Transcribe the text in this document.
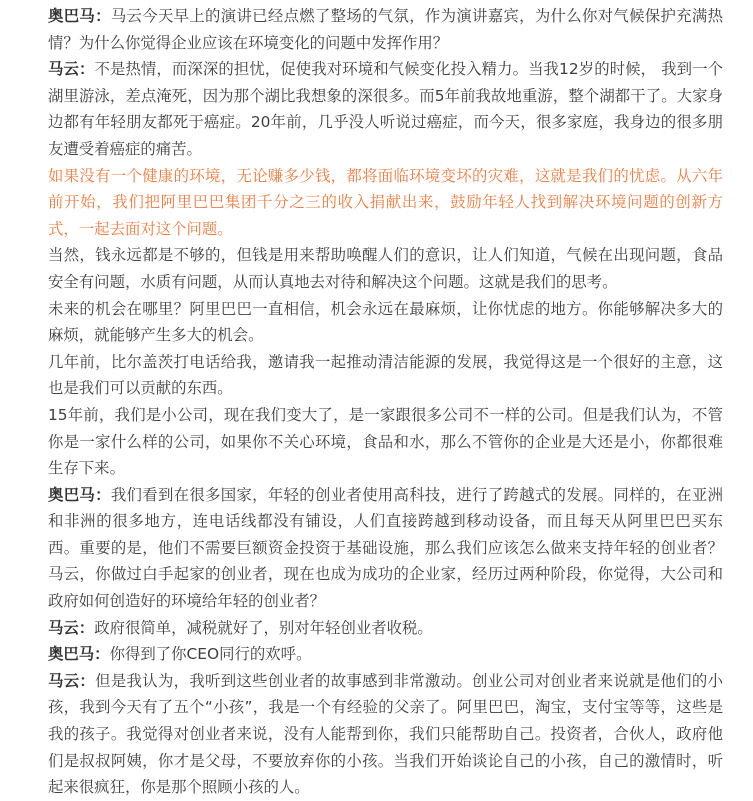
奥巴马：马云今天早上的演讲已经点燃了整场的气氛，作为演讲嘉宾，为什么你对气候保护充满热情？为什么你觉得企业应该在环境变化的问题中发挥作用？

马云：不是热情，而深深的担忧，促使我对环境和气候变化投入精力。当我12岁的时候， 我到一个湖里游泳，差点淹死，因为那个湖比我想象的深很多。而5年前我故地重游，整个湖都干了。大家身边都有年轻朋友都死于癌症。20年前，几乎没人听说过癌症，而今天，很多家庭，我身边的很多朋友遭受着癌症的痛苦。

如果没有一个健康的环境，无论赚多少钱，都将面临环境变坏的灾难，这就是我们的忧虑。从六年前开始，我们把阿里巴巴集团千分之三的收入捐献出来，鼓励年轻人找到解决环境问题的创新方式，一起去面对这个问题。

当然，钱永远都是不够的，但钱是用来帮助唤醒人们的意识，让人们知道，气候在出现问题，食品安全有问题，水质有问题，从而认真地去对待和解决这个问题。这就是我们的思考。

未来的机会在哪里？阿里巴巴一直相信，机会永远在最麻烦，让你忧虑的地方。你能够解决多大的麻烦，就能够产生多大的机会。

几年前，比尔盖茨打电话给我，邀请我一起推动清洁能源的发展，我觉得这是一个很好的主意，这也是我们可以贡献的东西。

15年前，我们是小公司，现在我们变大了，是一家跟很多公司不一样的公司。但是我们认为，不管你是一家什么样的公司，如果你不关心环境，食品和水，那么不管你的企业是大还是小，你都很难生存下来。

奥巴马：我们看到在很多国家，年轻的创业者使用高科技，进行了跨越式的发展。同样的，在亚洲和非洲的很多地方，连电话线都没有铺设，人们直接跨越到移动设备，而且每天从阿里巴巴买东西。重要的是，他们不需要巨额资金投资于基础设施，那么我们应该怎么做来支持年轻的创业者？马云，你做过白手起家的创业者，现在也成为成功的企业家，经历过两种阶段，你觉得，大公司和政府如何创造好的环境给年轻的创业者？

马云：政府很简单，减税就好了，别对年轻创业者收税。

奥巴马：你得到了你CEO同行的欢呼。

马云：但是我认为，我听到这些创业者的故事感到非常激动。创业公司对创业者来说就是他们的小孩，我到今天有了五个“小孩”，我是一个有经验的父亲了。阿里巴巴，淘宝，支付宝等等，这些是我的孩子。我觉得对创业者来说，没有人能帮到你，我们只能帮助自己。投资者，合伙人，政府他们是叔叔阿姨，你才是父母，不要放弃你的小孩。当我们开始谈论自己的小孩，自己的激情时，听起来很疯狂，你是那个照顾小孩的人。
